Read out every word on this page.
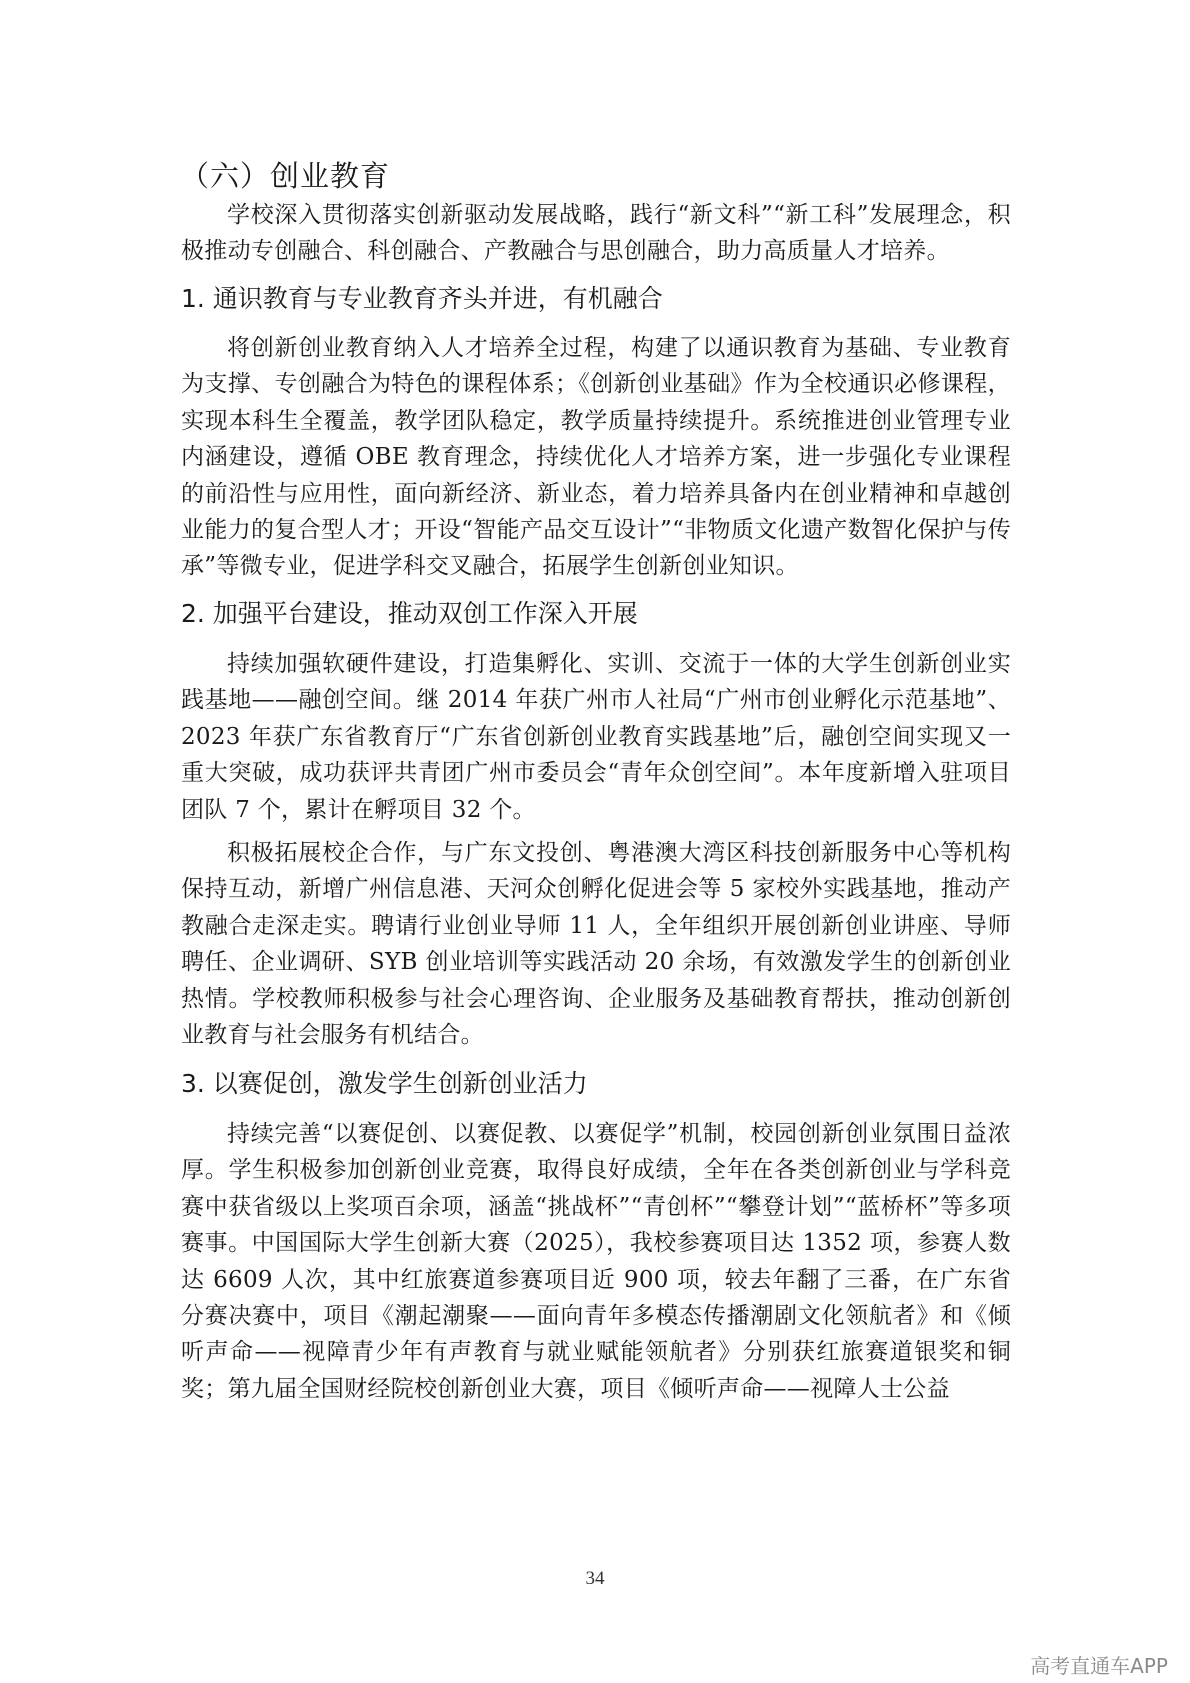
（六）创业教育

学校深入贯彻落实创新驱动发展战略，践行“新文科”“新工科”发展理念，积极推动专创融合、科创融合、产教融合与思创融合，助力高质量人才培养。

1. 通识教育与专业教育齐头并进，有机融合

将创新创业教育纳入人才培养全过程，构建了以通识教育为基础、专业教育为支撑、专创融合为特色的课程体系；《创新创业基础》作为全校通识必修课程，实现本科生全覆盖，教学团队稳定，教学质量持续提升。系统推进创业管理专业内涵建设，遵循 OBE 教育理念，持续优化人才培养方案，进一步强化专业课程的前沿性与应用性，面向新经济、新业态，着力培养具备内在创业精神和卓越创业能力的复合型人才；开设“智能产品交互设计”“非物质文化遗产数智化保护与传承”等微专业，促进学科交叉融合，拓展学生创新创业知识。

2. 加强平台建设，推动双创工作深入开展

持续加强软硬件建设，打造集孵化、实训、交流于一体的大学生创新创业实践基地——融创空间。继 2014 年获广州市人社局“广州市创业孵化示范基地”、2023 年获广东省教育厅“广东省创新创业教育实践基地”后，融创空间实现又一重大突破，成功获评共青团广州市委员会“青年众创空间”。本年度新增入驻项目团队 7 个，累计在孵项目 32 个。

积极拓展校企合作，与广东文投创、粤港澳大湾区科技创新服务中心等机构保持互动，新增广州信息港、天河众创孵化促进会等 5 家校外实践基地，推动产教融合走深走实。聘请行业创业导师 11 人，全年组织开展创新创业讲座、导师聘任、企业调研、SYB 创业培训等实践活动 20 余场，有效激发学生的创新创业热情。学校教师积极参与社会心理咨询、企业服务及基础教育帮扶，推动创新创业教育与社会服务有机结合。

3. 以赛促创，激发学生创新创业活力

持续完善“以赛促创、以赛促教、以赛促学”机制，校园创新创业氛围日益浓厚。学生积极参加创新创业竞赛，取得良好成绩，全年在各类创新创业与学科竞赛中获省级以上奖项百余项，涵盖“挑战杯”“青创杯”“攀登计划”“蓝桥杯”等多项赛事。中国国际大学生创新大赛（2025），我校参赛项目达 1352 项，参赛人数达 6609 人次，其中红旅赛道参赛项目近 900 项，较去年翻了三番，在广东省分赛决赛中，项目《潮起潮聚——面向青年多模态传播潮剧文化领航者》和《倾听声命——视障青少年有声教育与就业赋能领航者》分别获红旅赛道银奖和铜奖；第九届全国财经院校创新创业大赛，项目《倾听声命——视障人士公益

34
高考直通车APP
